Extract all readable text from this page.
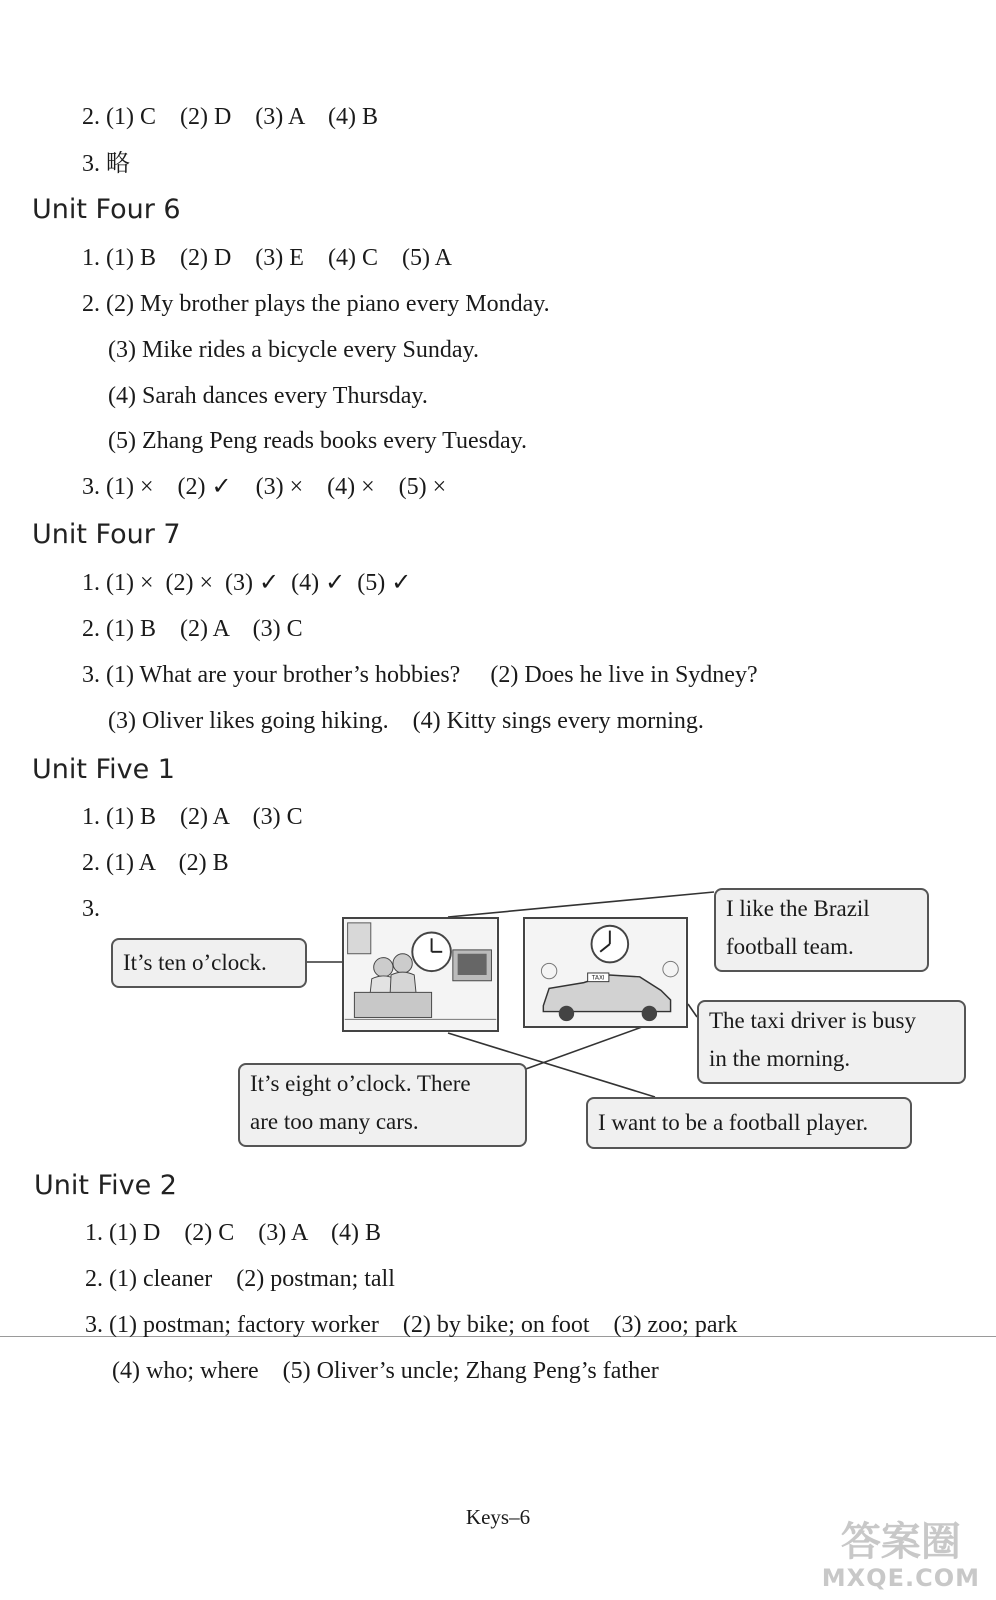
2. (1) C    (2) D    (3) A    (4) B
3. 略
Unit Four 6
1. (1) B    (2) D    (3) E    (4) C    (5) A
2. (2) My brother plays the piano every Monday.
(3) Mike rides a bicycle every Sunday.
(4) Sarah dances every Thursday.
(5) Zhang Peng reads books every Tuesday.
3. (1) ×    (2) ✓    (3) ×    (4) ×    (5) ×
Unit Four 7
1. (1) ×  (2) ×  (3) ✓  (4) ✓  (5) ✓
2. (1) B    (2) A    (3) C
3. (1) What are your brother’s hobbies?     (2) Does he live in Sydney?
(3) Oliver likes going hiking.    (4) Kitty sings every morning.
Unit Five 1
1. (1) B    (2) A    (3) C
2. (1) A    (2) B
3.
TAXI
It’s ten o’clock.
I like the Brazil
football team.
The taxi driver is busy
in the morning.
It’s eight o’clock. There
are too many cars.	I want to be a football player.
Unit Five 2
1. (1) D    (2) C    (3) A    (4) B
2. (1) cleaner    (2) postman; tall
3. (1) postman; factory worker    (2) by bike; on foot    (3) zoo; park
(4) who; where    (5) Oliver’s uncle; Zhang Peng’s father
Keys–6
答案圈
MXQE.COM
